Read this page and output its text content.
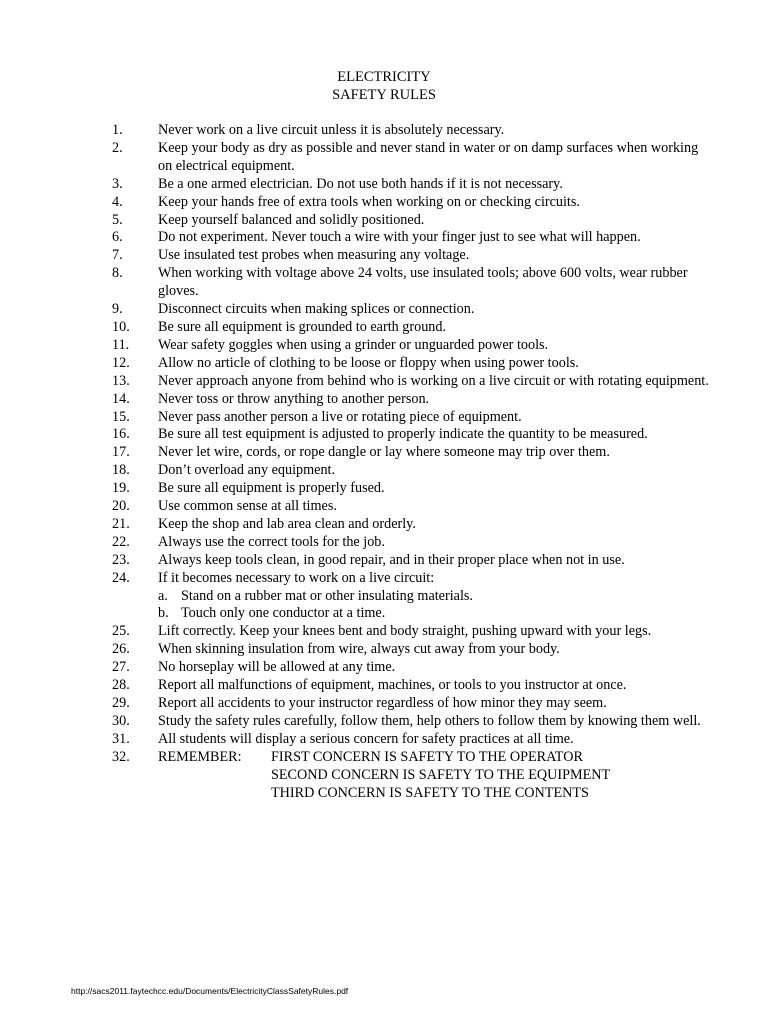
ELECTRICITY
SAFETY RULES
1.	Never work on a live circuit unless it is absolutely necessary.
2.	Keep your body as dry as possible and never stand in water or on damp surfaces when working on electrical equipment.
3.	Be a one armed electrician. Do not use both hands if it is not necessary.
4.	Keep your hands free of extra tools when working on or checking circuits.
5.	Keep yourself balanced and solidly positioned.
6.	Do not experiment. Never touch a wire with your finger just to see what will happen.
7.	Use insulated test probes when measuring any voltage.
8.	When working with voltage above 24 volts, use insulated tools; above 600 volts, wear rubber gloves.
9.	Disconnect circuits when making splices or connection.
10.	Be sure all equipment is grounded to earth ground.
11.	Wear safety goggles when using a grinder or unguarded power tools.
12.	Allow no article of clothing to be loose or floppy when using power tools.
13.	Never approach anyone from behind who is working on a live circuit or with rotating equipment.
14.	Never toss or throw anything to another person.
15.	Never pass another person a live or rotating piece of equipment.
16.	Be sure all test equipment is adjusted to properly indicate the quantity to be measured.
17.	Never let wire, cords, or rope dangle or lay where someone may trip over them.
18.	Don’t overload any equipment.
19.	Be sure all equipment is properly fused.
20.	Use common sense at all times.
21.	Keep the shop and lab area clean and orderly.
22.	Always use the correct tools for the job.
23.	Always keep tools clean, in good repair, and in their proper place when not in use.
24.	If it becomes necessary to work on a live circuit:
a. Stand on a rubber mat or other insulating materials.
b. Touch only one conductor at a time.
25.	Lift correctly. Keep your knees bent and body straight, pushing upward with your legs.
26.	When skinning insulation from wire, always cut away from your body.
27.	No horseplay will be allowed at any time.
28.	Report all malfunctions of equipment, machines, or tools to you instructor at once.
29.	Report all accidents to your instructor regardless of how minor they may seem.
30.	Study the safety rules carefully, follow them, help others to follow them by knowing them well.
31.	All students will display a serious concern for safety practices at all time.
32.	REMEMBER:	FIRST CONCERN IS SAFETY TO THE OPERATOR
SECOND CONCERN IS SAFETY TO THE EQUIPMENT
THIRD CONCERN IS SAFETY TO THE CONTENTS
http://sacs2011.faytechcc.edu/Documents/ElectricityClassSafetyRules.pdf
